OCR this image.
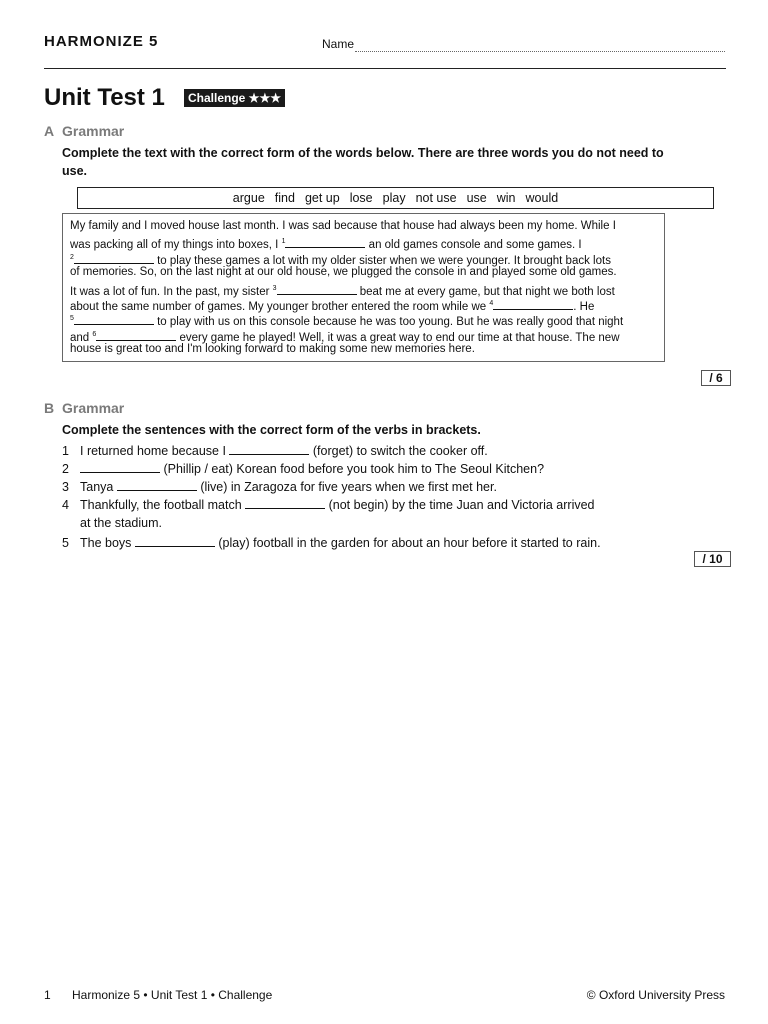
HARMONIZE 5	Name
Unit Test 1	Challenge ★★★
A Grammar
Complete the text with the correct form of the words below. There are three words you do not need to use.
argue find get up lose play not use use win would
My family and I moved house last month. I was sad because that house had always been my home. While I
was packing all of my things into boxes, I $^1$	an old games console and some games. I
$^2$	to play these games a lot with my older sister when we were younger. It brought back lots
of memories. So, on the last night at our old house, we plugged the console in and played some old games.
It was a lot of fun. In the past, my sister $^3$	beat me at every game, but that night we both lost
about the same number of games. My younger brother entered the room while we $^4$	. He
$^5$	to play with us on this console because he was too young. But he was really good that night
and $^6$	every game he played! Well, it was a great way to end our time at that house. The new
house is great too and I'm looking forward to making some new memories here.
/ 6
B Grammar
Complete the sentences with the correct form of the verbs in brackets.
1 I returned home because I	(forget) to switch the cooker off.
2	(Phillip / eat) Korean food before you took him to The Seoul Kitchen?
3 Tanya	(live) in Zaragoza for five years when we first met her.
4 Thankfully, the football match	(not begin) by the time Juan and Victoria arrived
at the stadium.
5 The boys	(play) football in the garden for about an hour before it started to rain.
/ 10
1 Harmonize 5 • Unit Test 1 • Challenge	© Oxford University Press
